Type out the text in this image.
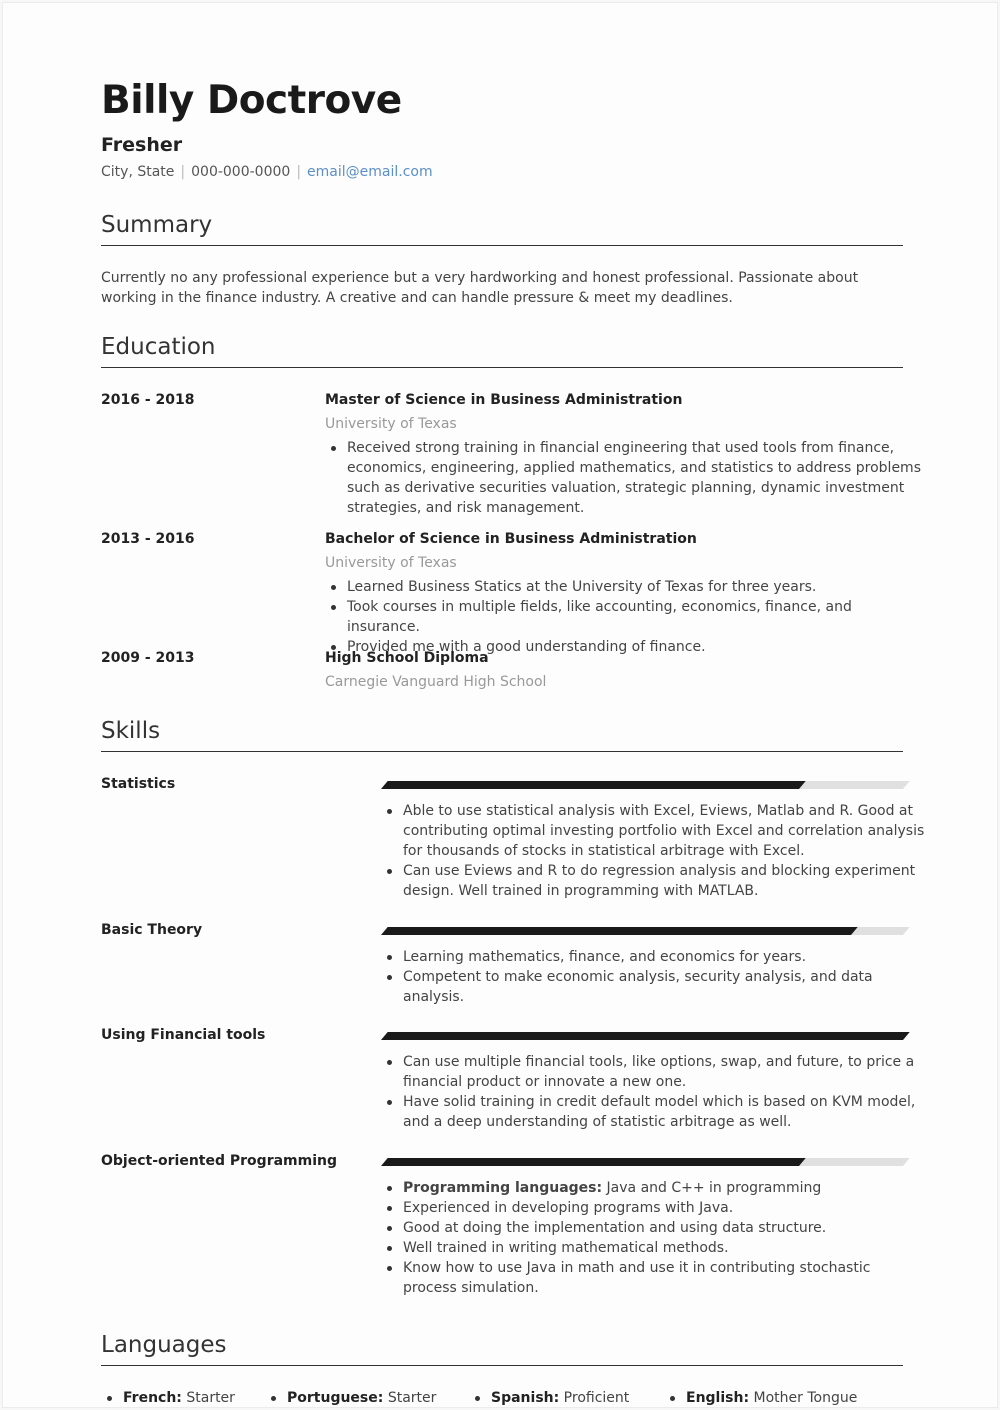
Billy Doctrove
Fresher
City, State | 000-000-0000 | email@email.com
Summary
Currently no any professional experience but a very hardworking and honest professional. Passionate about working in the finance industry. A creative and can handle pressure & meet my deadlines.
Education
2016 - 2018	Master of Science in Business Administration
University of Texas
Received strong training in financial engineering that used tools from finance, economics, engineering, applied mathematics, and statistics to address problems such as derivative securities valuation, strategic planning, dynamic investment strategies, and risk management.
2013 - 2016	Bachelor of Science in Business Administration
University of Texas
Learned Business Statics at the University of Texas for three years.
Took courses in multiple fields, like accounting, economics, finance, and insurance.
Provided me with a good understanding of finance.
2009 - 2013	High School Diploma
Carnegie Vanguard High School
Skills
Statistics
Able to use statistical analysis with Excel, Eviews, Matlab and R. Good at contributing optimal investing portfolio with Excel and correlation analysis for thousands of stocks in statistical arbitrage with Excel.
Can use Eviews and R to do regression analysis and blocking experiment design. Well trained in programming with MATLAB.
Basic Theory
Learning mathematics, finance, and economics for years.
Competent to make economic analysis, security analysis, and data analysis.
Using Financial tools
Can use multiple financial tools, like options, swap, and future, to price a financial product or innovate a new one.
Have solid training in credit default model which is based on KVM model, and a deep understanding of statistic arbitrage as well.
Object-oriented Programming
Programming languages: Java and C++ in programming
Experienced in developing programs with Java.
Good at doing the implementation and using data structure.
Well trained in writing mathematical methods.
Know how to use Java in math and use it in contributing stochastic process simulation.
Languages
French: Starter	Portuguese: Starter	Spanish: Proficient	English: Mother Tongue
